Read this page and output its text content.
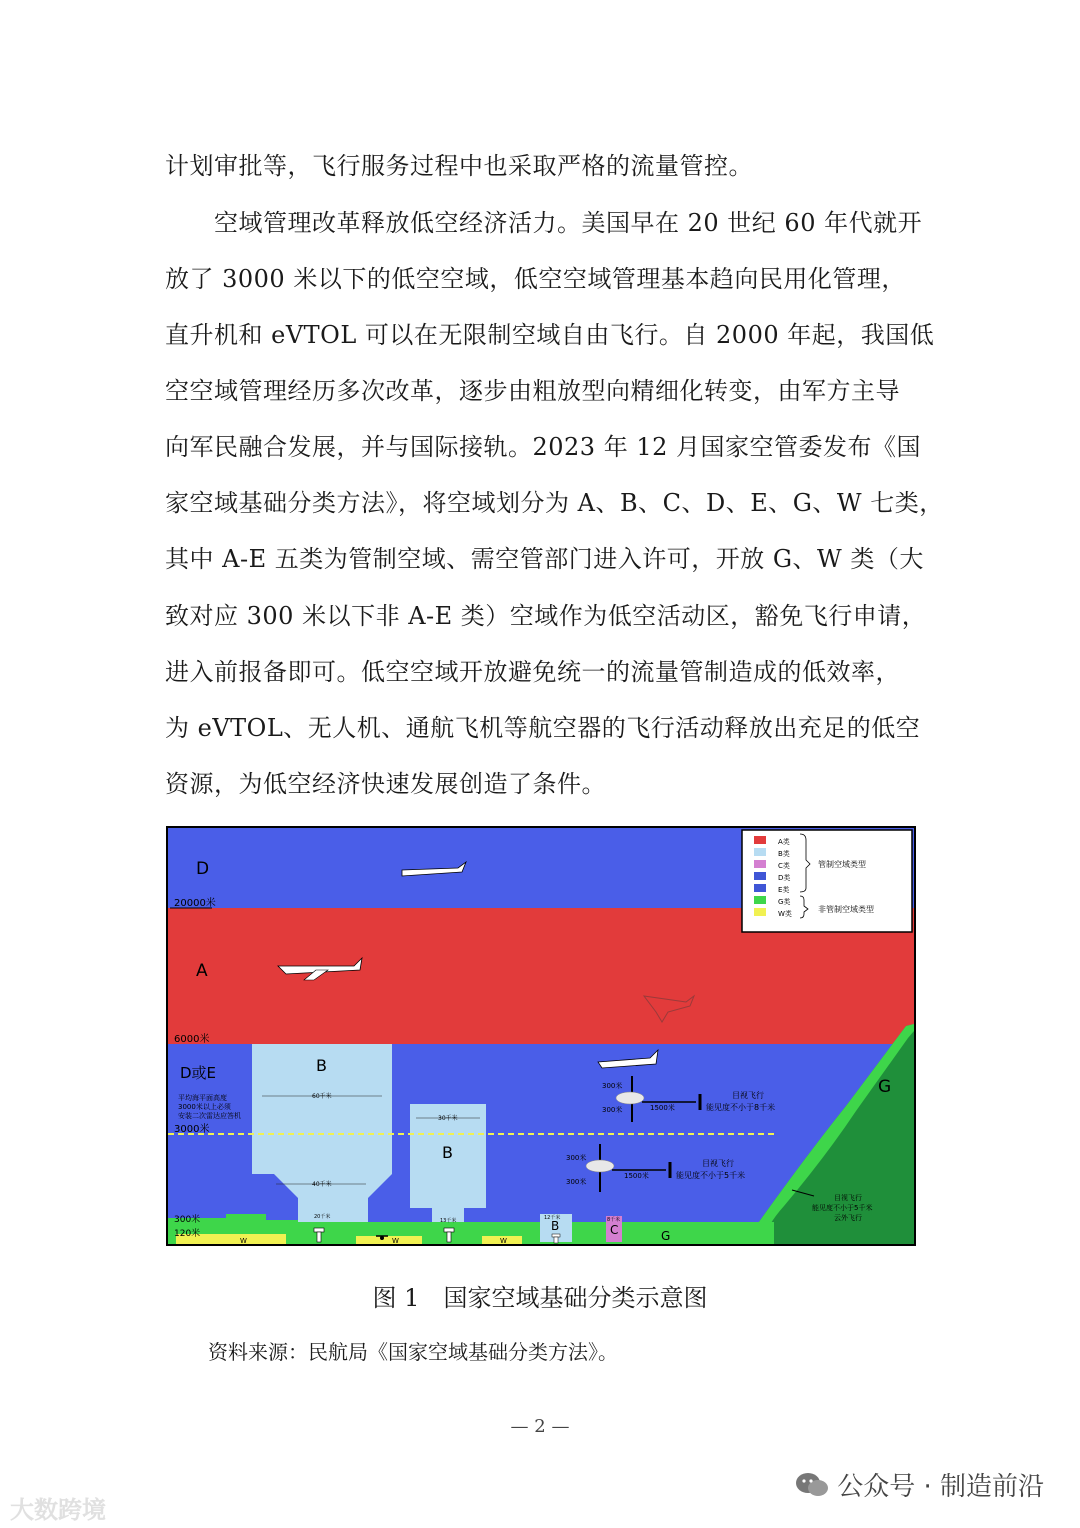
计划审批等，飞行服务过程中也采取严格的流量管控。
　　空域管理改革释放低空经济活力。美国早在 20 世纪 60 年代就开
放了 3000 米以下的低空空域，低空空域管理基本趋向民用化管理，
直升机和 eVTOL 可以在无限制空域自由飞行。自 2000 年起，我国低
空空域管理经历多次改革，逐步由粗放型向精细化转变，由军方主导
向军民融合发展，并与国际接轨。2023 年 12 月国家空管委发布《国
家空域基础分类方法》，将空域划分为 A、B、C、D、E、G、W 七类，
其中 A-E 五类为管制空域、需空管部门进入许可，开放 G、W 类（大
致对应 300 米以下非 A-E 类）空域作为低空活动区，豁免飞行申请，
进入前报备即可。低空空域开放避免统一的流量管制造成的低效率，
为 eVTOL、无人机、通航飞机等航空器的飞行活动释放出充足的低空
资源，为低空经济快速发展创造了条件。
20000米
6000米
3000米
300米
120米
D
A
D或E	B
B
B	C	G
G
W	W	W
平均海平面高度
3000米以上必须
安装二次雷达应答机
60千米
40千米
20千米
30千米
13千米	12千米	8千米
300米
300米	1500米
目视飞行
能见度不小于8千米
300米
300米
1500米
目视飞行
能见度不小于5千米
目视飞行
能见度不小于5千米
云外飞行
A类
B类
C类
D类
E类
G类
W类
管制空域类型
非管制空域类型
图 1　国家空域基础分类示意图
资料来源：民航局《国家空域基础分类方法》。
— 2 —
公众号 · 制造前沿
大数跨境
